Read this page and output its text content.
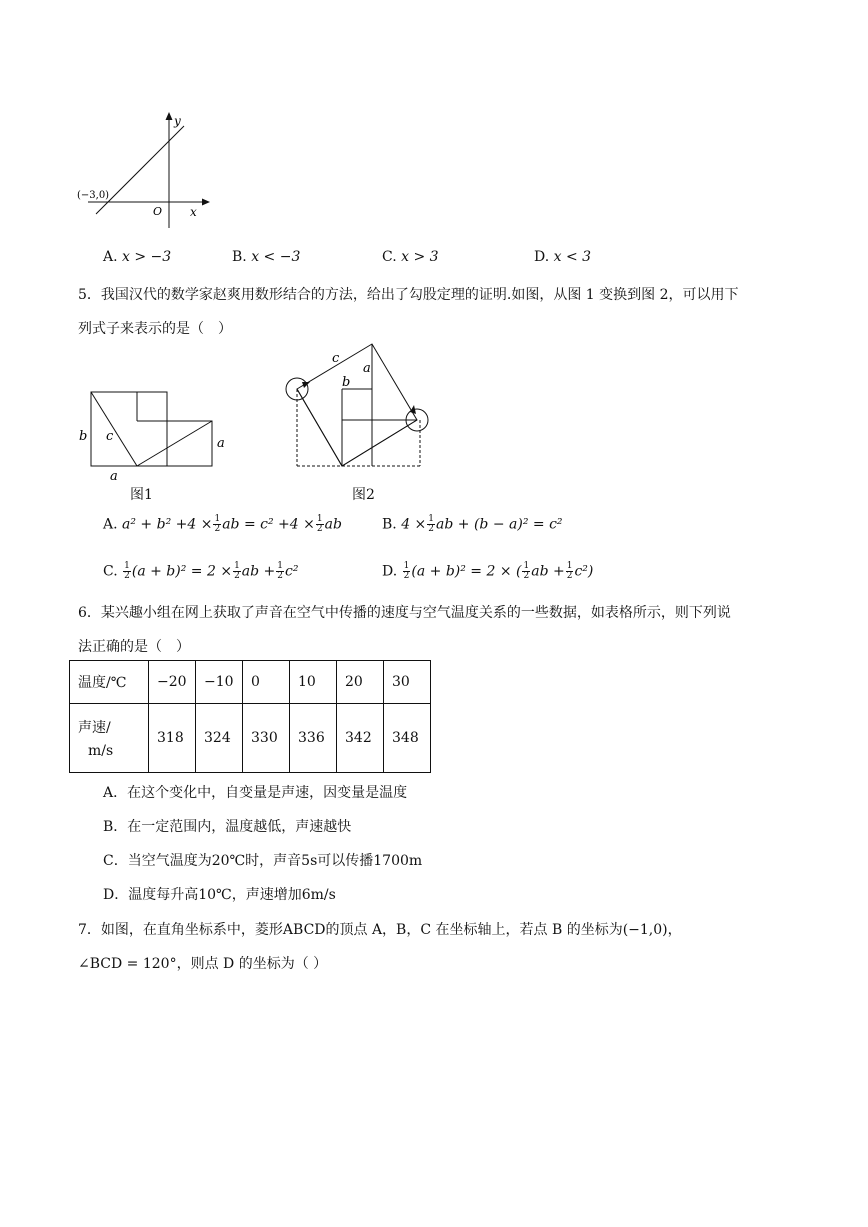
y
x
O
(−3,0)
A. x > −3	B. x < −3	C. x > 3	D. x < 3
5．我国汉代的数学家赵爽用数形结合的方法，给出了勾股定理的证明.如图，从图 1 变换到图 2，可以用下
列式子来表示的是（　）
b c
a
a
图1
c
b
a
图2
A. $a^2 + b^2 +4 \times \frac{1}{2}$ ab = $c^2 +4 \times \frac{1}{2}$ ab	B. $4 \times \frac{1}{2}$ ab + (b − a)² = c²
C. $\frac{1}{2} (a + b)^2 = 2 \times \frac{1}{2}$ ab + $\frac{1}{2} c^2$	D. $\frac{1}{2} (a + b)^2 = 2$ × ( $\frac{1}{2}$ ab + $\frac{1}{2} c^2$)
6．某兴趣小组在网上获取了声音在空气中传播的速度与空气温度关系的一些数据，如表格所示，则下列说
法正确的是（　）
温度/℃	−20	−10	0	10	20	30

声速/
m/s	318	324	330	336	342	348
A．在这个变化中，自变量是声速，因变量是温度
B．在一定范围内，温度越低，声速越快
C．当空气温度为20℃时，声音5s可以传播1700m
D．温度每升高10℃，声速增加6m/s
7．如图，在直角坐标系中，菱形ABCD的顶点 A，B，C 在坐标轴上，若点 B 的坐标为(−1,0)，
∠BCD = 120°，则点 D 的坐标为（ ）
